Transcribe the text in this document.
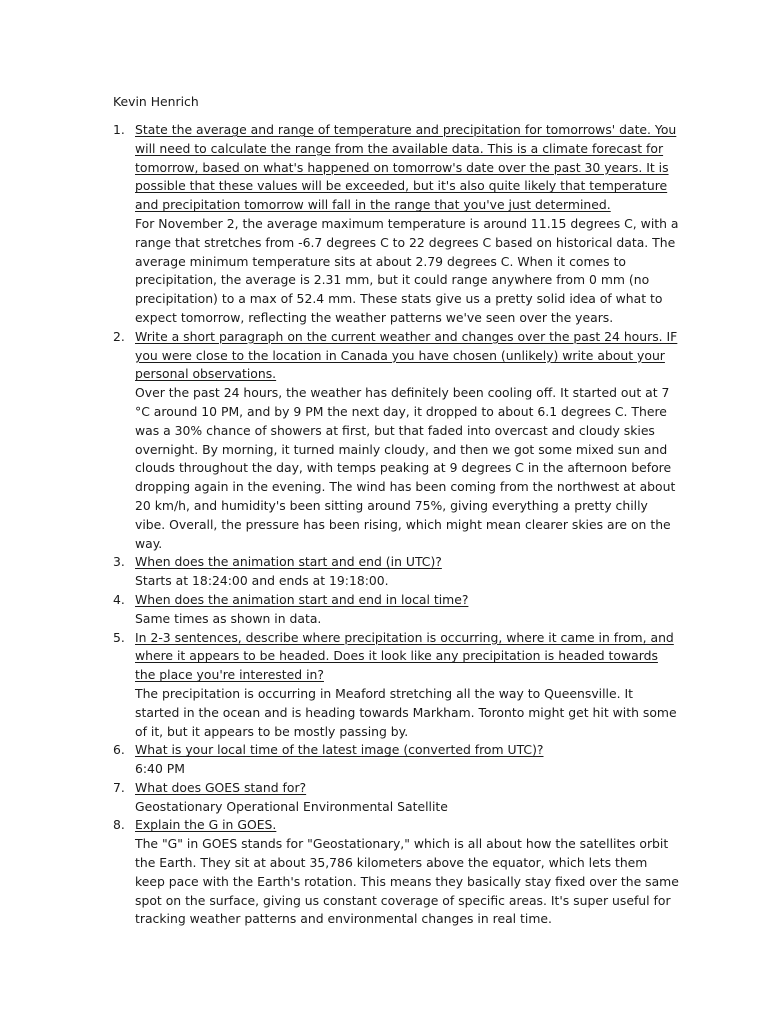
Kevin Henrich

1. State the average and range of temperature and precipitation for tomorrows' date. You will need to calculate the range from the available data. This is a climate forecast for tomorrow, based on what's happened on tomorrow's date over the past 30 years. It is possible that these values will be exceeded, but it's also quite likely that temperature and precipitation tomorrow will fall in the range that you've just determined.
For November 2, the average maximum temperature is around 11.15 degrees C, with a range that stretches from -6.7 degrees C to 22 degrees C based on historical data. The average minimum temperature sits at about 2.79 degrees C. When it comes to precipitation, the average is 2.31 mm, but it could range anywhere from 0 mm (no precipitation) to a max of 52.4 mm. These stats give us a pretty solid idea of what to expect tomorrow, reflecting the weather patterns we've seen over the years.
2. Write a short paragraph on the current weather and changes over the past 24 hours. IF you were close to the location in Canada you have chosen (unlikely) write about your personal observations.
Over the past 24 hours, the weather has definitely been cooling off. It started out at 7 °C around 10 PM, and by 9 PM the next day, it dropped to about 6.1 degrees C. There was a 30% chance of showers at first, but that faded into overcast and cloudy skies overnight. By morning, it turned mainly cloudy, and then we got some mixed sun and clouds throughout the day, with temps peaking at 9 degrees C in the afternoon before dropping again in the evening. The wind has been coming from the northwest at about 20 km/h, and humidity's been sitting around 75%, giving everything a pretty chilly vibe. Overall, the pressure has been rising, which might mean clearer skies are on the way.
3. When does the animation start and end (in UTC)?
Starts at 18:24:00 and ends at 19:18:00.
4. When does the animation start and end in local time?
Same times as shown in data.
5. In 2-3 sentences, describe where precipitation is occurring, where it came in from, and where it appears to be headed. Does it look like any precipitation is headed towards the place you're interested in?
The precipitation is occurring in Meaford stretching all the way to Queensville. It started in the ocean and is heading towards Markham. Toronto might get hit with some of it, but it appears to be mostly passing by.
6. What is your local time of the latest image (converted from UTC)?
6:40 PM
7. What does GOES stand for?
Geostationary Operational Environmental Satellite
8. Explain the G in GOES.
The "G" in GOES stands for "Geostationary," which is all about how the satellites orbit the Earth. They sit at about 35,786 kilometers above the equator, which lets them keep pace with the Earth's rotation. This means they basically stay fixed over the same spot on the surface, giving us constant coverage of specific areas. It's super useful for tracking weather patterns and environmental changes in real time.
